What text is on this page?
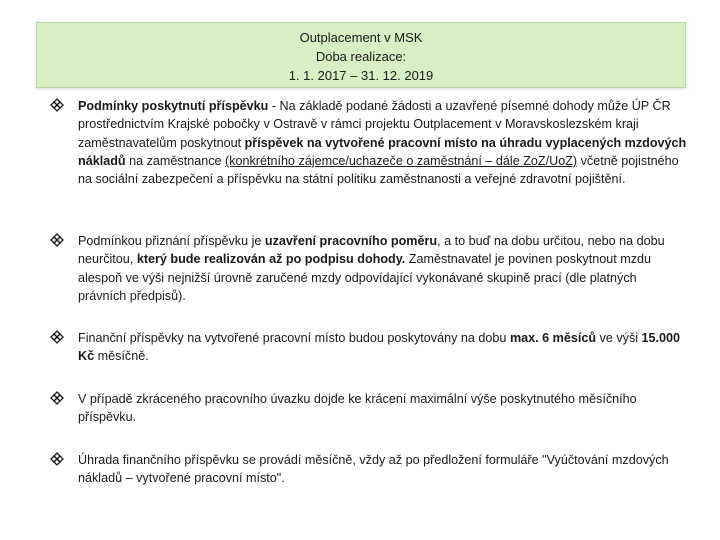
Outplacement v MSK
Doba realizace:
1. 1. 2017 – 31. 12. 2019
Podmínky poskytnutí příspěvku - Na základě podané žádosti a uzavřené písemné dohody může ÚP ČR prostřednictvím Krajské pobočky v Ostravě v rámci projektu Outplacement v Moravskoslezském kraji zaměstnavatelům poskytnout příspěvek na vytvořené pracovní místo na úhradu vyplacených mzdových nákladů na zaměstnance (konkrétního zájemce/uchazeče o zaměstnání – dále ZoZ/UoZ) včetně pojistného na sociální zabezpečení a příspěvku na státní politiku zaměstnanosti a veřejné zdravotní pojištění.
Podmínkou přiznání příspěvku je uzavření pracovního poměru, a to buď na dobu určitou, nebo na dobu neurčitou, který bude realizován až po podpisu dohody. Zaměstnavatel je povinen poskytnout mzdu alespoň ve výši nejnižší úrovně zaručené mzdy odpovídající vykonávané skupině prací (dle platných právních předpisů).
Finanční příspěvky na vytvořené pracovní místo budou poskytovány na dobu max. 6 měsíců ve výši 15.000 Kč měsíčně.
V případě zkráceného pracovního úvazku dojde ke krácení maximální výše poskytnutého měsíčního příspěvku.
Úhrada finančního příspěvku se provádí měsíčně, vždy až po předložení formuláře "Vyúčtování mzdových nákladů – vytvořené pracovní místo".
